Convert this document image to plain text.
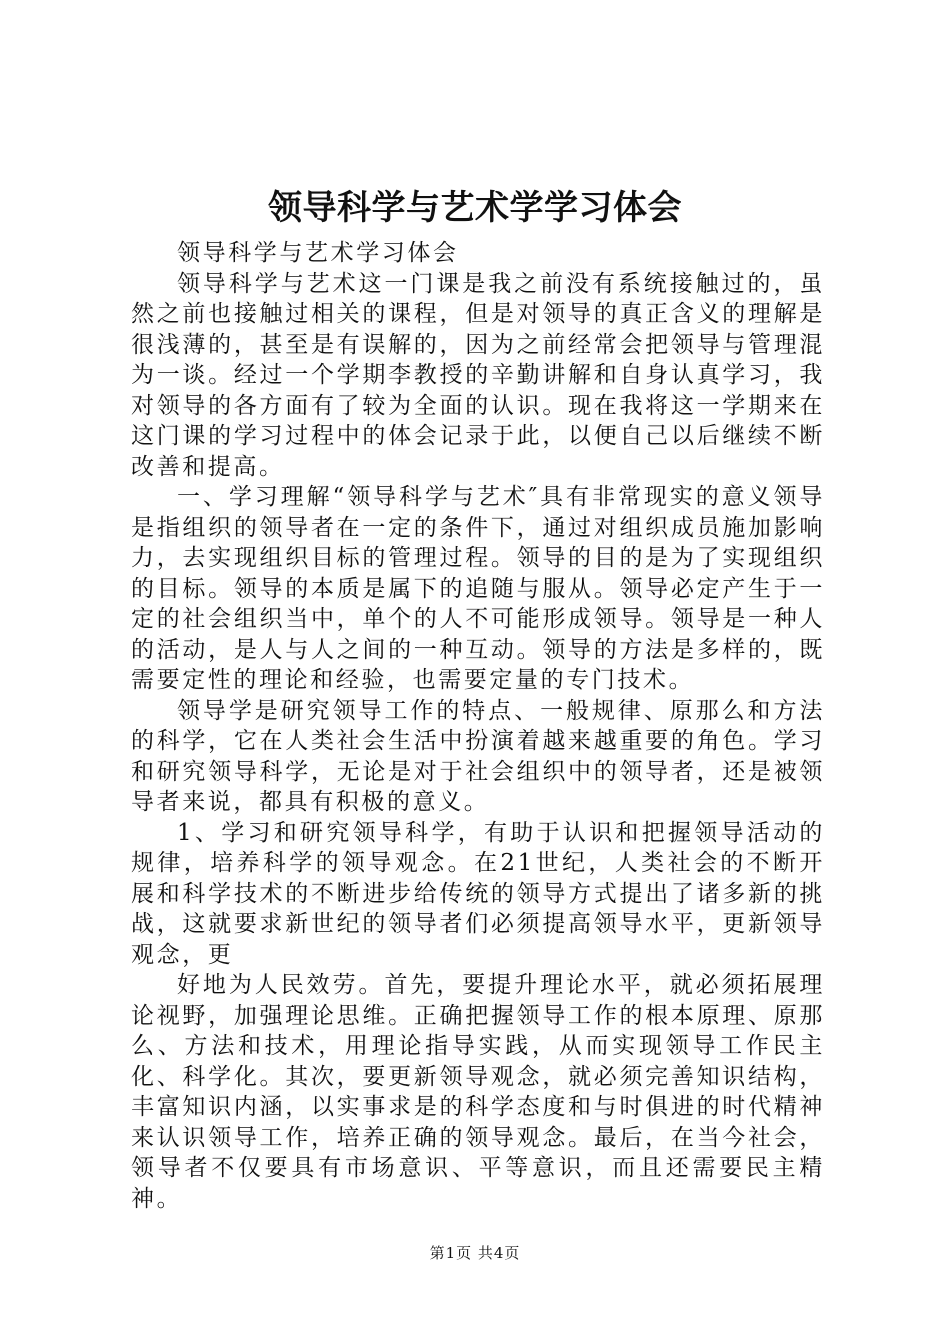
领导科学与艺术学学习体会

领导科学与艺术学习体会

领导科学与艺术这一门课是我之前没有系统接触过的，虽然之前也接触过相关的课程，但是对领导的真正含义的理解是很浅薄的，甚至是有误解的，因为之前经常会把领导与管理混为一谈。经过一个学期李教授的辛勤讲解和自身认真学习，我对领导的各方面有了较为全面的认识。现在我将这一学期来在这门课的学习过程中的体会记录于此，以便自己以后继续不断改善和提高。

一、学习理解“领导科学与艺术″具有非常现实的意义领导是指组织的领导者在一定的条件下，通过对组织成员施加影响力，去实现组织目标的管理过程。领导的目的是为了实现组织的目标。领导的本质是属下的追随与服从。领导必定产生于一定的社会组织当中，单个的人不可能形成领导。领导是一种人的活动，是人与人之间的一种互动。领导的方法是多样的，既需要定性的理论和经验，也需要定量的专门技术。

领导学是研究领导工作的特点、一般规律、原那么和方法的科学，它在人类社会生活中扮演着越来越重要的角色。学习和研究领导科学，无论是对于社会组织中的领导者，还是被领导者来说，都具有积极的意义。

1、学习和研究领导科学，有助于认识和把握领导活动的规律，培养科学的领导观念。在21世纪，人类社会的不断开展和科学技术的不断进步给传统的领导方式提出了诸多新的挑战，这就要求新世纪的领导者们必须提高领导水平，更新领导观念，更

好地为人民效劳。首先，要提升理论水平，就必须拓展理论视野，加强理论思维。正确把握领导工作的根本原理、原那么、方法和技术，用理论指导实践，从而实现领导工作民主化、科学化。其次，要更新领导观念，就必须完善知识结构，丰富知识内涵，以实事求是的科学态度和与时俱进的时代精神来认识领导工作，培养正确的领导观念。最后，在当今社会，领导者不仅要具有市场意识、平等意识，而且还需要民主精神。

第1页 共4页
